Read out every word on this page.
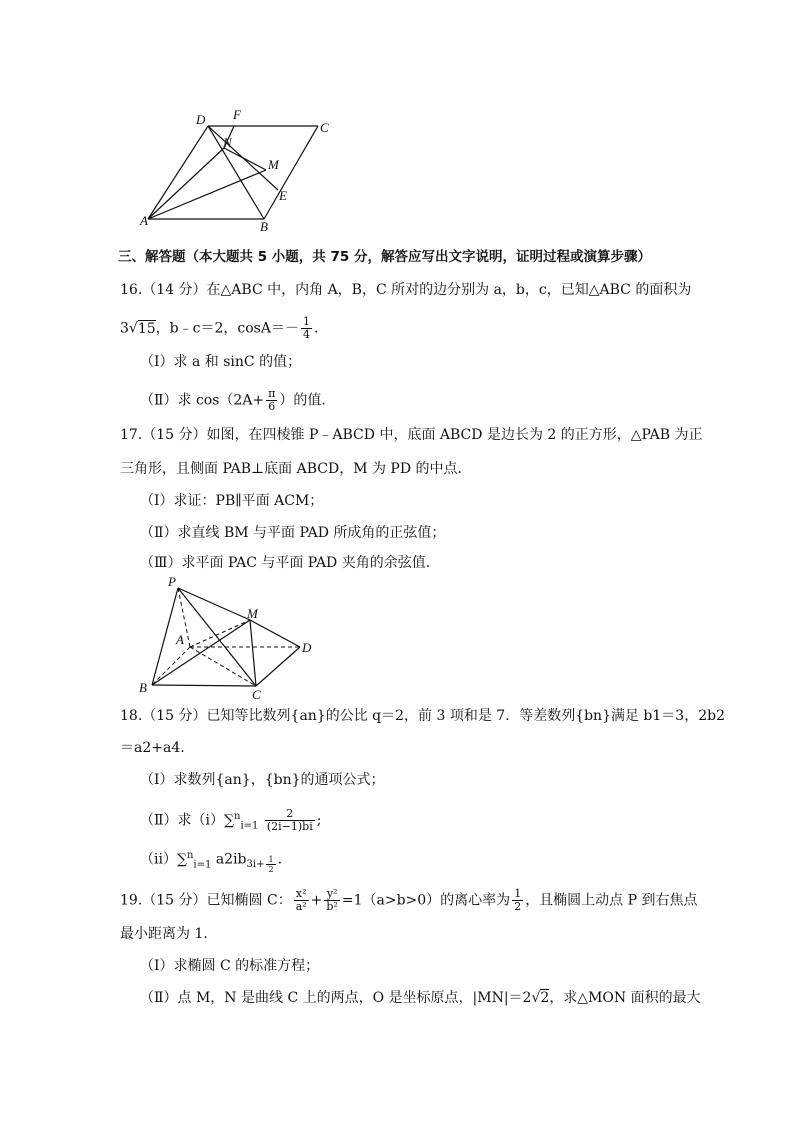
D F
C
N
M
E
A	B
三、解答题（本大题共 5 小题，共 75 分，解答应写出文字说明，证明过程或演算步骤）
16.（14 分）在△ABC 中，内角 A，B，C 所对的边分别为 a，b，c，已知△ABC 的面积为
3√15，b﹣c＝2，$\cos A=- \frac{1}{4}$ .
（Ⅰ）求 a 和 sinC 的值；
（Ⅱ）求 $\cos(2A+ \frac{\pi}{6}$ ）的值.
17.（15 分）如图，在四棱锥 P﹣ABCD 中，底面 ABCD 是边长为 2 的正方形，△PAB 为正
三角形，且侧面 PAB⊥底面 ABCD，M 为 PD 的中点.
（Ⅰ）求证：PB∥平面 ACM；
（Ⅱ）求直线 BM 与平面 PAD 所成角的正弦值；
（Ⅲ）求平面 PAC 与平面 PAD 夹角的余弦值.
P
M
A
D
B	C
18.（15 分）已知等比数列{an}的公比 q＝2，前 3 项和是 7．等差数列{bn}满足 b1＝3，2b2
＝a2+a4.
（Ⅰ）求数列{an}，{bn}的通项公式；
（Ⅱ）求（ⅰ）∑$^n_{i=1}$ $\frac{2}{(2i-1)bi}$ ;
（ⅱ）∑$^n_{i=1}$ $a2ib_{3i+ \frac{1}{2}}$ .
19.（15 分）已知椭圆 C： $\frac{\text{x²}}{\text{a²}} + \frac{\text{y²}}{\text{b²}} =1(a>b>0)$的离心率为 $\frac{1}{2}$ ，且椭圆上动点 P 到右焦点
最小距离为 1.
（Ⅰ）求椭圆 C 的标准方程；
（Ⅱ）点 M，N 是曲线 C 上的两点，O 是坐标原点，|MN|＝2√2，求△MON 面积的最大
